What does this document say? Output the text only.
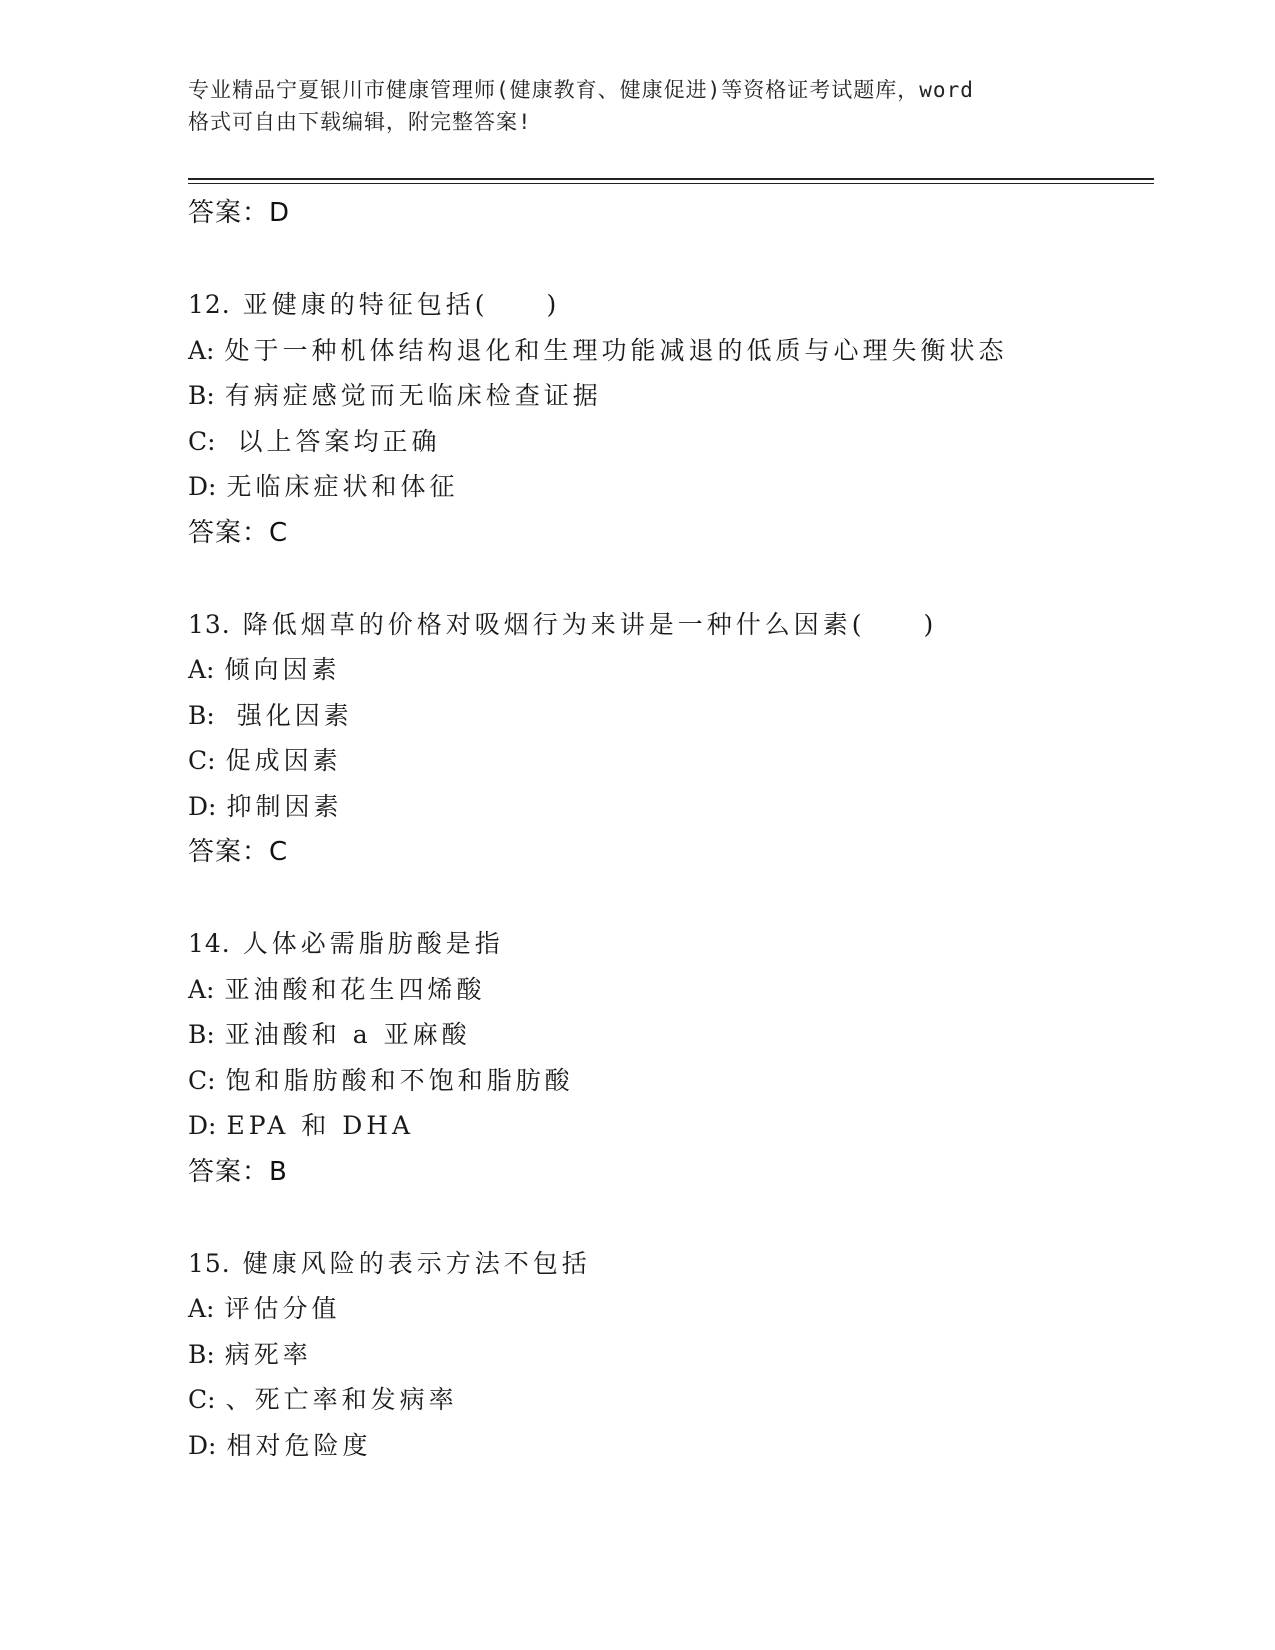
专业精品宁夏银川市健康管理师(健康教育、健康促进)等资格证考试题库，word
格式可自由下载编辑，附完整答案!
答案：D
12. 亚健康的特征包括(　　)
A: 处于一种机体结构退化和生理功能减退的低质与心理失衡状态
B: 有病症感觉而无临床检查证据
C: 以上答案均正确
D: 无临床症状和体征
答案：C
13. 降低烟草的价格对吸烟行为来讲是一种什么因素(　　)
A: 倾向因素
B: 强化因素
C: 促成因素
D: 抑制因素
答案：C
14. 人体必需脂肪酸是指
A: 亚油酸和花生四烯酸
B: 亚油酸和 a 亚麻酸
C: 饱和脂肪酸和不饱和脂肪酸
D: EPA 和 DHA
答案：B
15. 健康风险的表示方法不包括
A: 评估分值
B: 病死率
C: 、死亡率和发病率
D: 相对危险度
